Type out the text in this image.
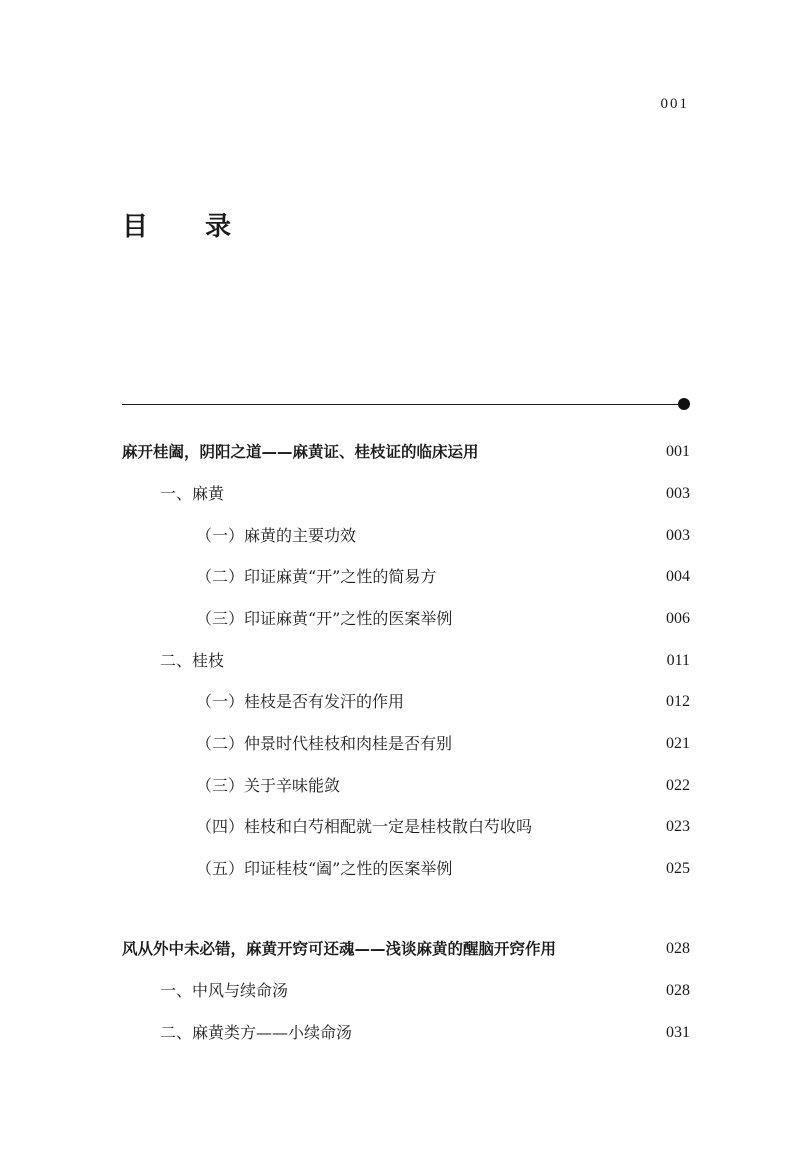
001
目 录
麻开桂阖，阴阳之道——麻黄证、桂枝证的临床运用	001
一、麻黄	003
（一）麻黄的主要功效	003
（二）印证麻黄“开”之性的简易方	004
（三）印证麻黄“开”之性的医案举例	006
二、桂枝	011
（一）桂枝是否有发汗的作用	012
（二）仲景时代桂枝和肉桂是否有别	021
（三）关于辛味能敛	022
（四）桂枝和白芍相配就一定是桂枝散白芍收吗	023
（五）印证桂枝“阖”之性的医案举例	025
风从外中未必错，麻黄开窍可还魂——浅谈麻黄的醒脑开窍作用	028
一、中风与续命汤	028
二、麻黄类方——小续命汤	031
